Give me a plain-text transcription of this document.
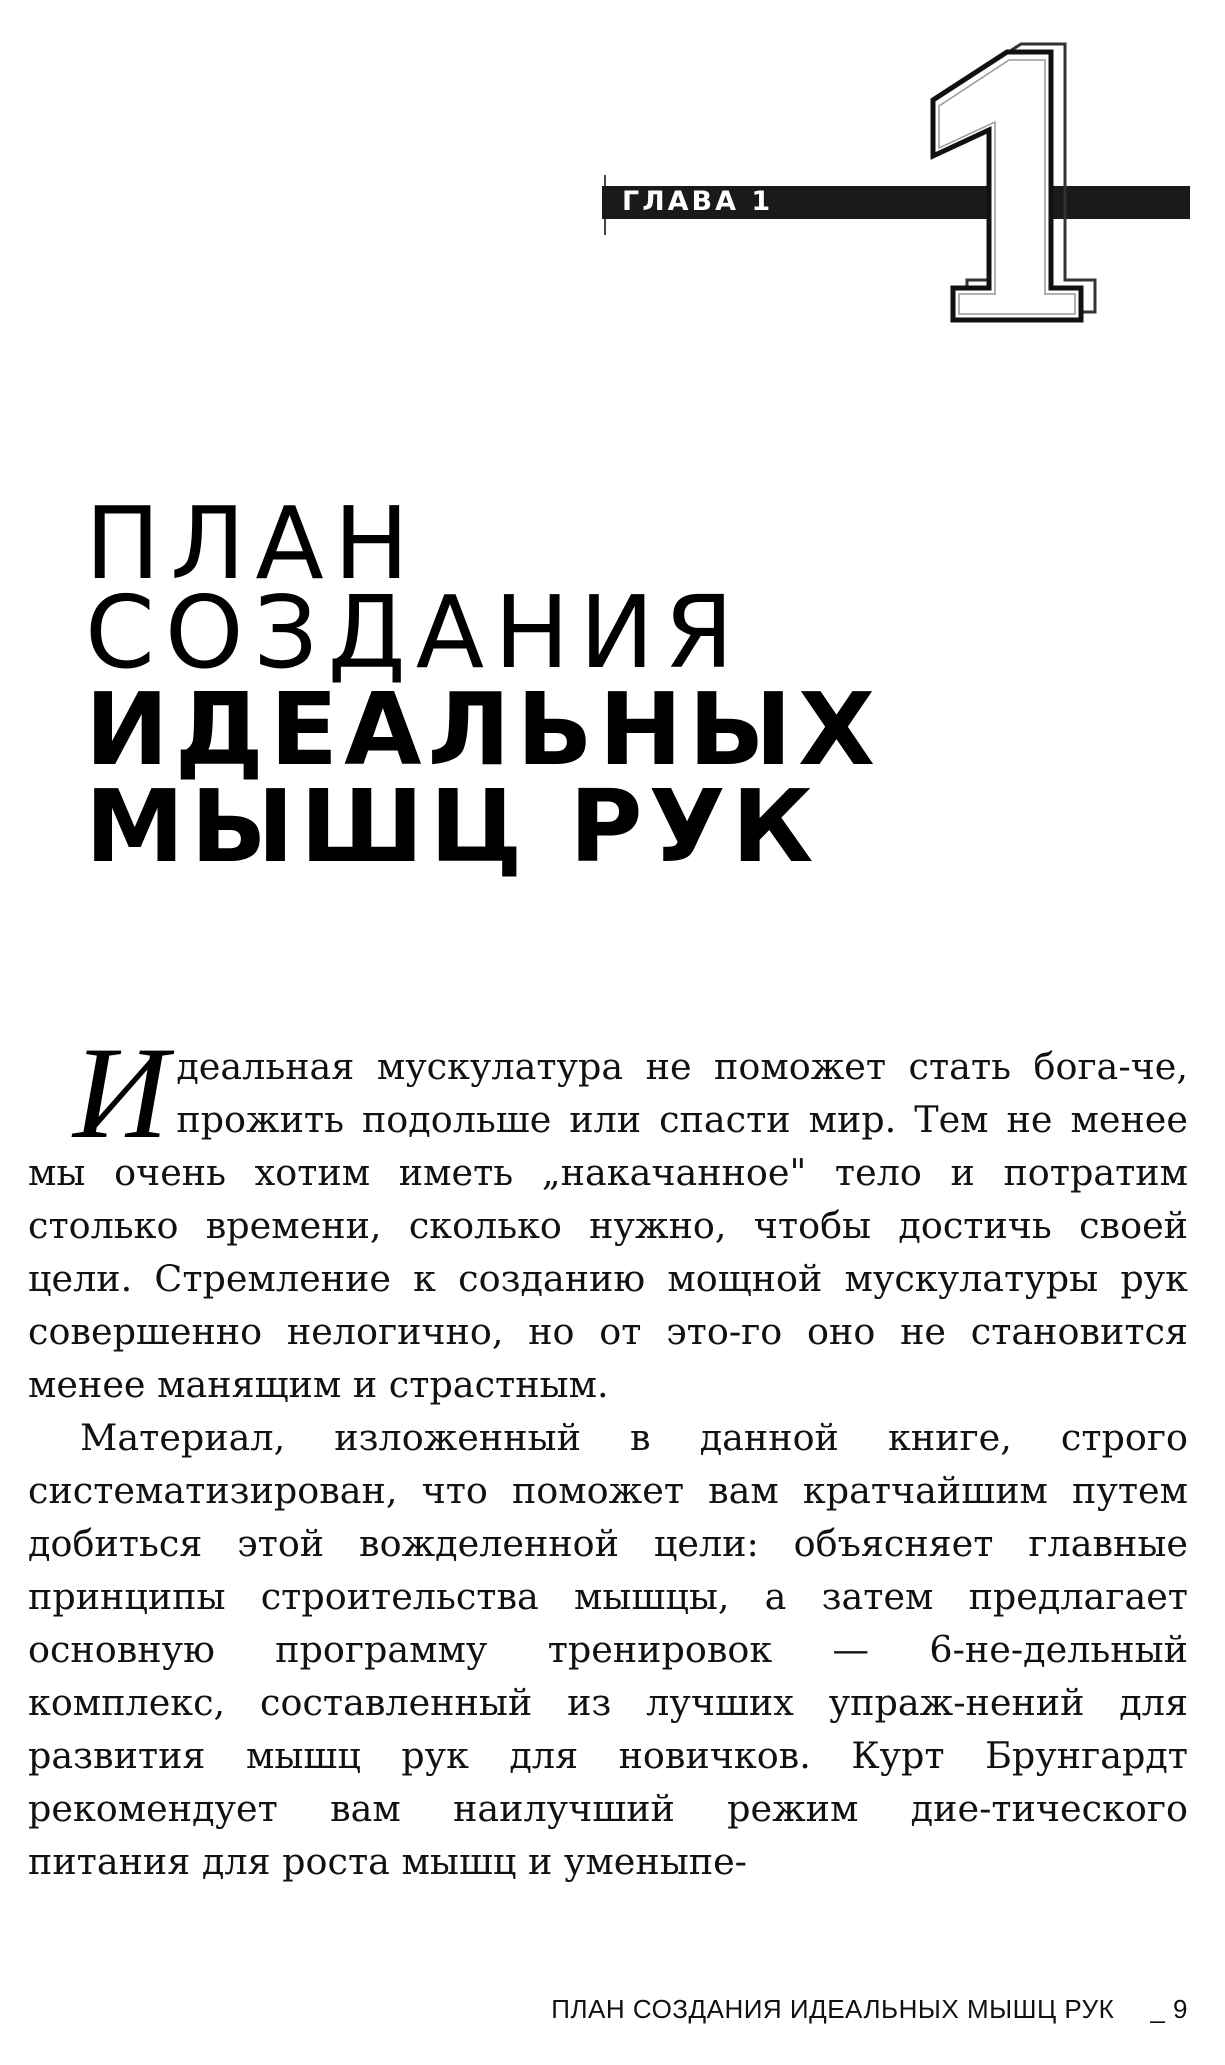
ГЛАВА 1
1
ПЛАН
СОЗДАНИЯ
ИДЕАЛЬНЫХ
МЫШЦ РУК

Идеальная мускулатура не поможет стать бога-че, прожить подольше или спасти мир. Тем не менее мы очень хотим иметь „накачанное" тело и потратим столько времени, сколько нужно, чтобы достичь своей цели. Стремление к созданию мощной мускулатуры рук совершенно нелогично, но от это-го оно не становится менее манящим и страстным.

Материал, изложенный в данной книге, строго систематизирован, что поможет вам кратчайшим путем добиться этой вожделенной цели: объясняет главные принципы строительства мышцы, а затем предлагает основную программу тренировок — 6-не-дельный комплекс, составленный из лучших упраж-нений для развития мышц рук для новичков. Курт Брунгардт рекомендует вам наилучший режим дие-тического питания для роста мышц и уменыпе-

ПЛАН СОЗДАНИЯ ИДЕАЛЬНЫХ МЫШЦ РУК _ 9
